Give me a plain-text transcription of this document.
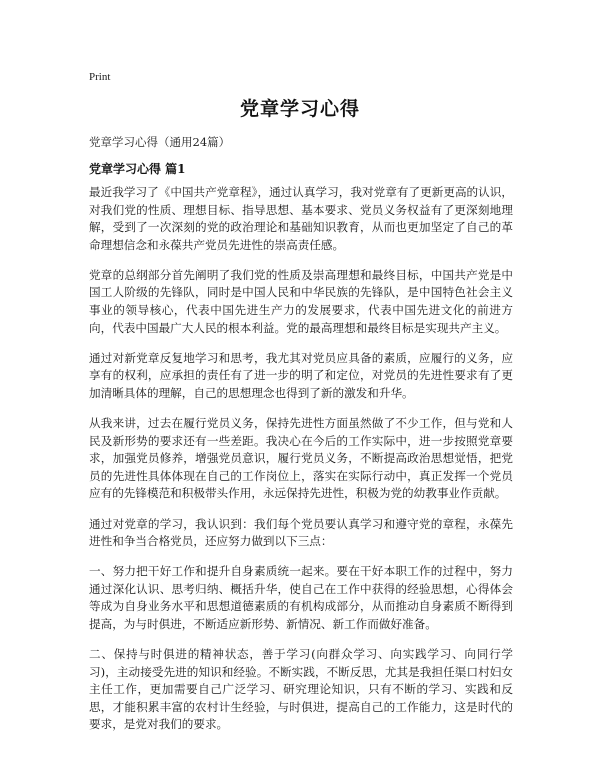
Print
党章学习心得
党章学习心得（通用24篇）
党章学习心得 篇1

最近我学习了《中国共产党章程》，通过认真学习，我对党章有了更新更高的认识，对我们党的性质、理想目标、指导思想、基本要求、党员义务权益有了更深刻地理解，受到了一次深刻的党的政治理论和基础知识教育，从而也更加坚定了自己的革命理想信念和永葆共产党员先进性的崇高责任感。

党章的总纲部分首先阐明了我们党的性质及崇高理想和最终目标，中国共产党是中国工人阶级的先锋队，同时是中国人民和中华民族的先锋队，是中国特色社会主义事业的领导核心，代表中国先进生产力的发展要求，代表中国先进文化的前进方向，代表中国最广大人民的根本利益。党的最高理想和最终目标是实现共产主义。

通过对新党章反复地学习和思考，我尤其对党员应具备的素质，应履行的义务，应享有的权利，应承担的责任有了进一步的明了和定位，对党员的先进性要求有了更加清晰具体的理解，自己的思想理念也得到了新的激发和升华。

从我来讲，过去在履行党员义务，保持先进性方面虽然做了不少工作，但与党和人民及新形势的要求还有一些差距。我决心在今后的工作实际中，进一步按照党章要求，加强党员修养，增强党员意识，履行党员义务，不断提高政治思想觉悟，把党员的先进性具体体现在自己的工作岗位上，落实在实际行动中，真正发挥一个党员应有的先锋模范和积极带头作用，永远保持先进性，积极为党的幼教事业作贡献。

通过对党章的学习，我认识到：我们每个党员要认真学习和遵守党的章程，永葆先进性和争当合格党员，还应努力做到以下三点：

一、努力把干好工作和提升自身素质统一起来。要在干好本职工作的过程中，努力通过深化认识、思考归纳、概括升华，使自己在工作中获得的经验思想，心得体会等成为自身业务水平和思想道德素质的有机构成部分，从而推动自身素质不断得到提高，为与时俱进，不断适应新形势、新情况、新工作而做好准备。

二、保持与时俱进的精神状态，善于学习(向群众学习、向实践学习、向同行学习)，主动接受先进的知识和经验。不断实践，不断反思，尤其是我担任渠口村妇女主任工作，更加需要自己广泛学习、研究理论知识，只有不断的学习、实践和反思，才能积累丰富的农村计生经验，与时俱进，提高自己的工作能力，这是时代的要求，是党对我们的要求。
